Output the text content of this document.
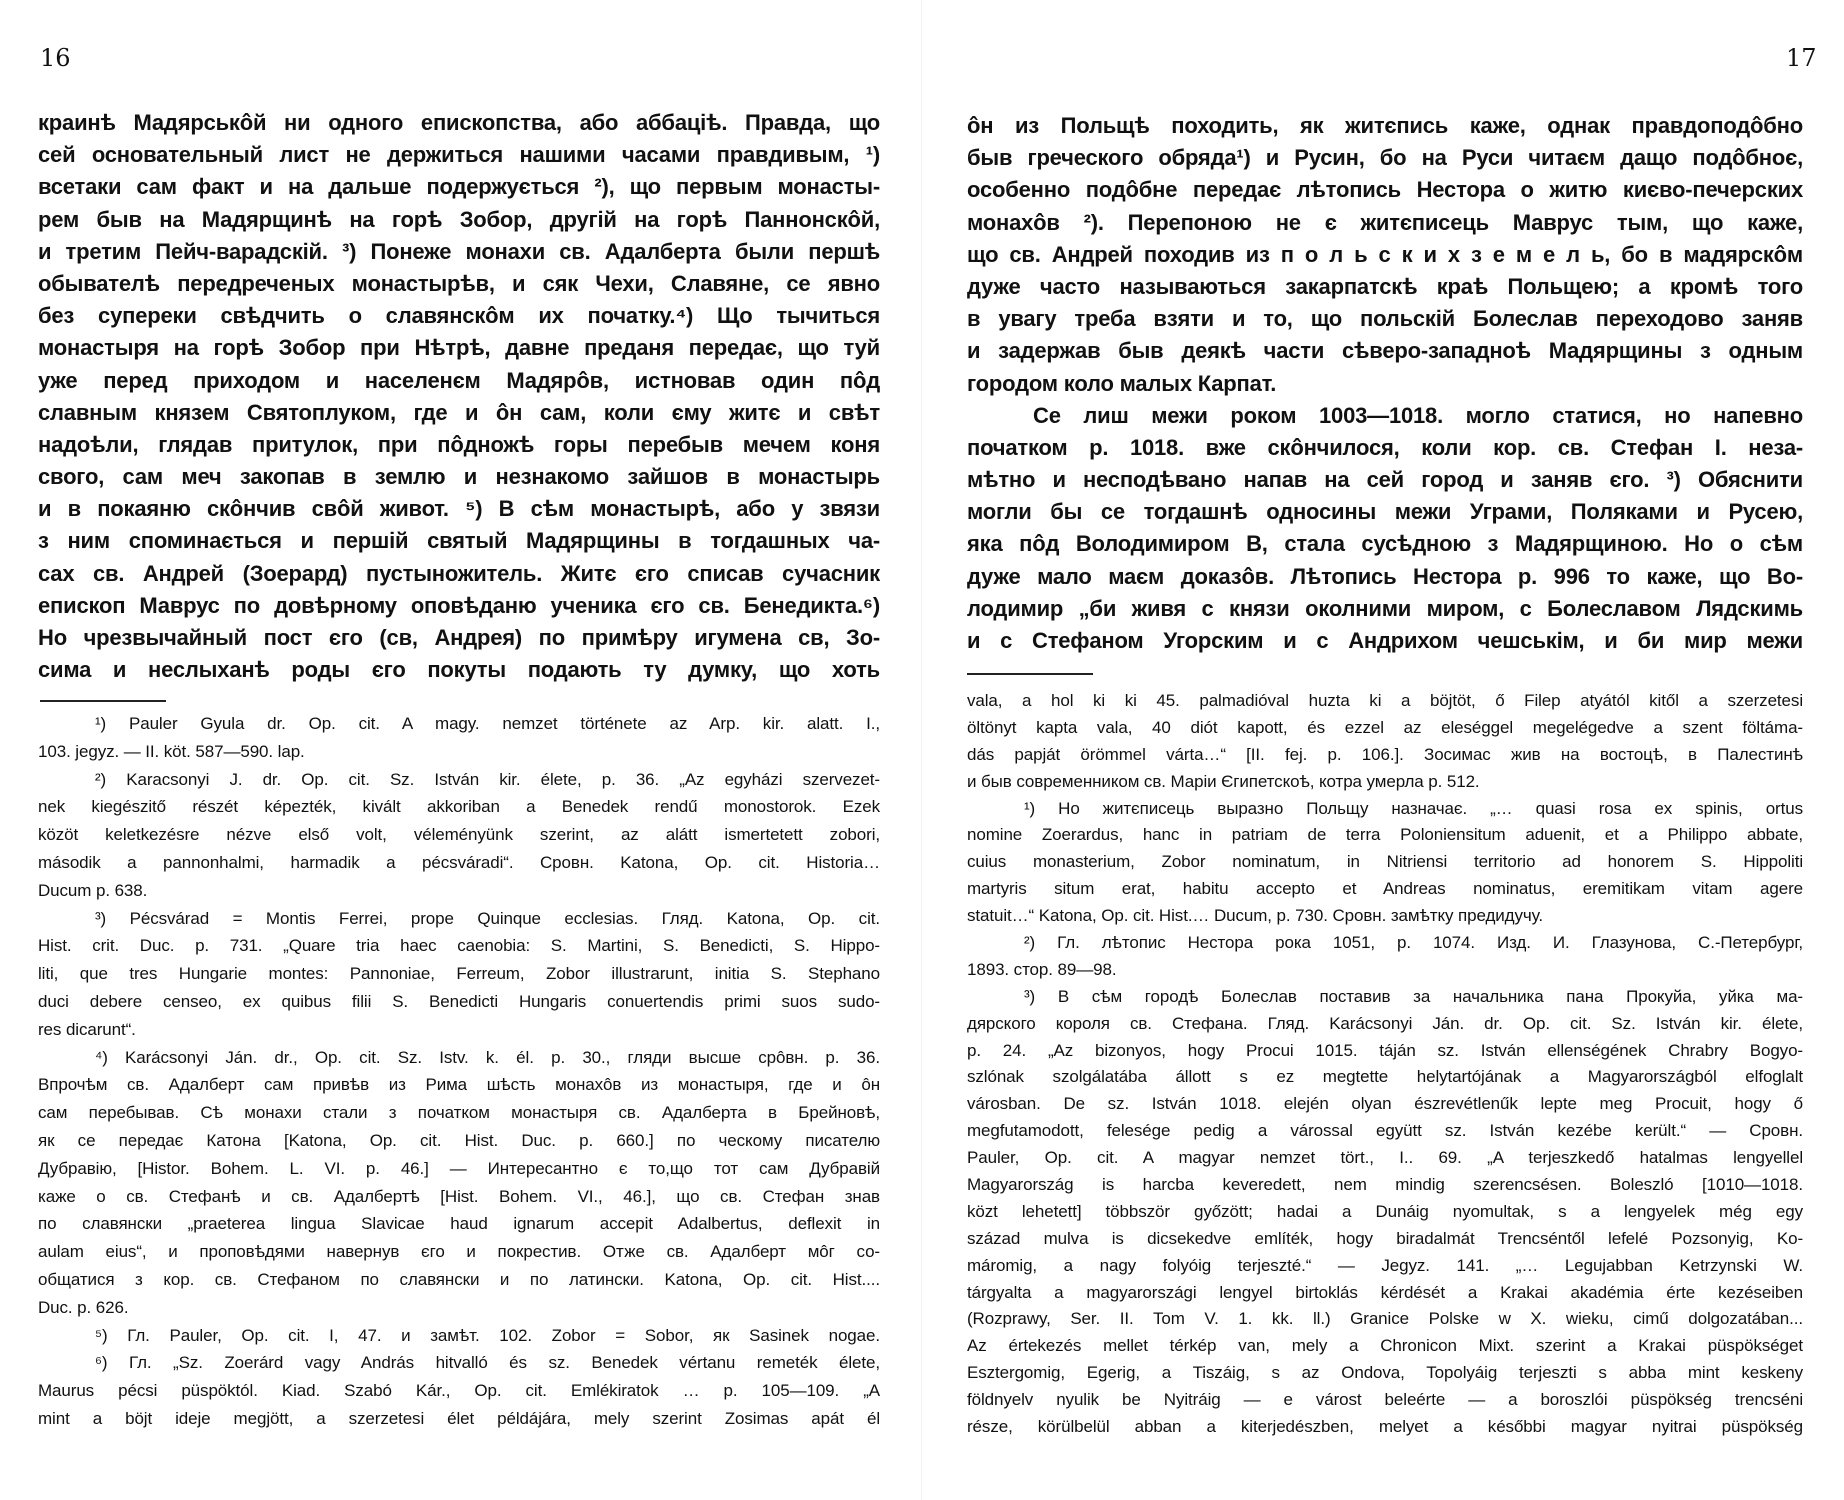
16	17
краинѣ Мадярськôй ни одного епископства, або аббаціѣ. Правда, що
сей основательный лист не держиться нашими часами правдивым, ¹)
всетаки сам факт и на дальше подержується ²), що первым монасты-
рем быв на Мадярщинѣ на горѣ Зобор, другій на горѣ Паннонскôй,
и третим Пейч-варадскій. ³) Понеже монахи св. Адалберта были першѣ
обывателѣ передреченых монастырѣв, и сяк Чехи, Славяне, се явно
без супереки свѣдчить о славянскôм их початку.⁴) Що тычиться
монастыря на горѣ Зобор при Нѣтрѣ, давне преданя передає, що туй
уже перед приходом и населенєм Мадярôв, истновав один пôд
славным князем Святоплуком, где и ôн сам, коли єму житє и свѣт
надоѣли, глядав притулок, при пôдножѣ горы перебыв мечем коня
свого, сам меч закопав в землю и незнакомо зайшов в монастырь
и в покаяню скôнчив свôй живот. ⁵) В сѣм монастырѣ, або у звязи
з ним споминається и першій святый Мадярщины в тогдашных ча-
сах св. Андрей (Зоерард) пустыножитель. Житє єго списав сучасник
епископ Маврус по довѣрному оповѣданю ученика єго св. Бенедикта.⁶)
Но чрезвычайный пост єго (св, Андрея) по примѣру игумена св, Зо-
сима и неслыханѣ роды єго покуты подають ту думку, що хоть
¹) Pauler Gyula dr. Op. cit. A magy. nemzet története az Arp. kir. alatt. I.,
103. jegyz. — II. köt. 587—590. lap.
²) Karacsonyi J. dr. Op. cit. Sz. István kir. élete, p. 36. „Az egyházi szervezet-
nek kiegészitő részét képezték, kivált akkoriban a Benedek rendű monostorok. Ezek
közöt keletkezésre nézve első volt, véleményünk szerint, az alátt ismertetett zobori,
második a pannonhalmi, harmadik a pécsváradi“. Сровн. Katona, Op. cit. Historia…
Ducum p. 638.
³) Pécsvárad = Montis Ferrei, prope Quinque ecclesias. Гляд. Katona, Op. cit.
Hist. crit. Duc. p. 731. „Quare tria haec caenobia: S. Martini, S. Benedicti, S. Hippo-
liti, que tres Hungarie montes: Pannoniae, Ferreum, Zobor illustrarunt, initia S. Stephano
duci debere censeo, ex quibus filii S. Benedicti Hungaris conuertendis primi suos sudo-
res dicarunt“.
⁴) Karácsonyi Ján. dr., Op. cit. Sz. Istv. k. él. p. 30., гляди высше срôвн. p. 36.
Впрочѣм св. Адалберт сам привѣв из Рима шѣсть монахôв из монастыря, где и ôн
сам перебывав. Сѣ монахи стали з початком монастыря св. Адалберта в Брейновѣ,
як се передає Катона [Katona, Op. cit. Hist. Duc. p. 660.] по ческому писателю
Дубравію, [Histor. Bohem. L. VI. p. 46.] — Интересантно є то,що тот сам Дубравій
каже о св. Стефанѣ и св. Адалбертѣ [Hist. Bohem. VI., 46.], що св. Стефан знав
по славянски „praeterea lingua Slavicae haud ignarum accepit Adalbertus, deflexit in
aulam eius“, и проповѣдями навернув єго и покрестив. Отже св. Адалберт мôг со-
общатися з кор. св. Стефаном по славянски и по латински. Katona, Op. cit. Hist....
Duc. p. 626.
⁵) Гл. Pauler, Op. cit. I, 47. и замѣт. 102. Zobor = Sobor, як Sasinek nogae.
⁶) Гл. „Sz. Zoerárd vagy András hitvalló és sz. Benedek vértanu remeték élete,
Maurus pécsi püspöktól. Kiad. Szabó Kár., Op. cit. Emlékiratok … p. 105—109. „A
mint a böjt ideje megjött, a szerzetesi élet példájára, mely szerint Zosimas apát él
ôн из Польщѣ походить, як житєпись каже, однак правдоподôбно
быв греческого обряда¹) и Русин, бо на Руси читаєм дащо подôбноє,
особенно подôбне передає лѣтопись Нестора о житю києво-печерских
монахôв ²). Перепоною не є житєписець Маврус тым, що каже,
що св. Андрей походив из п о л ь с к и х з е м е л ь, бо в мадярскôм
дуже часто называються закарпатскѣ краѣ Польщею; а кромѣ того
в увагу треба взяти и то, що польскій Болеслав переходово заняв
и задержав быв деякѣ части сѣверо-западноѣ Мадярщины з одным
городом коло малых Карпат.
Се лиш межи роком 1003—1018. могло статися, но напевно
початком р. 1018. вже скôнчилося, коли кор. св. Стефан I. неза-
мѣтно и несподѣвано напав на сей город и заняв єго. ³) Обяснити
могли бы се тогдашнѣ односины межи Уграми, Поляками и Русею,
яка пôд Володимиром В, стала сусѣдною з Мадярщиною. Но о сѣм
дуже мало маєм доказôв. Лѣтопись Нестора р. 996 то каже, що Во-
лодимир „би живя с князи околними миром, с Болеславом Лядскимь
и с Стефаном Угорским и с Андрихом чешськім, и би мир межи
vala, a hol ki ki 45. palmadióval huzta ki a böjtöt, ő Filep atyától kitől a szerzetesi
öltönyt kapta vala, 40 diót kapott, és ezzel az eleséggel megelégedve a szent föltáma-
dás papját örömmel várta…“ [II. fej. p. 106.]. Зосимас жив на востоцѣ, в Палестинѣ
и быв современником св. Маріи Єгипетскоѣ, котра умерла р. 512.
¹) Но житєписець выразно Польщу назначає. „… quasi rosa ex spinis, ortus
nomine Zoerardus, hanc in patriam de terra Poloniensitum aduenit, et a Philippo abbate,
cuius monasterium, Zobor nominatum, in Nitriensi territorio ad honorem S. Hippoliti
martyris situm erat, habitu accepto et Andreas nominatus, eremitikam vitam agere
statuit…“ Katona, Op. cit. Hist.… Ducum, p. 730. Сровн. замѣтку предидучу.
²) Гл. лѣтопис Нестора рока 1051, р. 1074. Изд. И. Глазунова, С.-Петербург,
1893. стор. 89—98.
³) В сѣм городѣ Болеслав поставив за начальника пана Прокуйа, уйка ма-
дярского короля св. Стефана. Гляд. Karácsonyi Ján. dr. Op. cit. Sz. István kir. élete,
p. 24. „Az bizonyos, hogy Procui 1015. táján sz. István ellenségének Chrabry Bogyo-
szlónak szolgálatába állott s ez megtette helytartójának a Magyarországból elfoglalt
városban. De sz. István 1018. elején olyan észrevétlenűk lepte meg Procuit, hogy ő
megfutamodott, felesége pedig a várossal együtt sz. István kezébe került.“ — Сровн.
Pauler, Op. cit. A magyar nemzet tört., I.. 69. „A terjeszkedő hatalmas lengyellel
Magyarország is harcba keveredett, nem mindig szerencsésen. Boleszló [1010—1018.
közt lehetett] többször győzött; hadai a Dunáig nyomultak, s a lengyelek még egy
század mulva is dicsekedve említék, hogy biradalmát Trencséntől lefelé Pozsonyig, Ko-
máromig, a nagy folyóig terjeszté.“ — Jegyz. 141. „… Legujabban Ketrzynski W.
tárgyalta a magyarországi lengyel birtoklás kérdését a Krakai akadémia érte kezéseiben
(Rozprawy, Ser. II. Tom V. 1. kk. ll.) Granice Polske w X. wieku, cimű dolgozatában...
Az értekezés mellet térkép van, mely a Chronicon Mixt. szerint a Krakai püspökséget
Esztergomig, Egerig, a Tiszáig, s az Ondova, Topolyáig terjeszti s abba mint keskeny
földnyelv nyulik be Nyitráig — e várost beleérte — a boroszlói püspökség trencséni
része, körülbelül abban a kiterjedészben, melyet a későbbi magyar nyitrai püspökség
